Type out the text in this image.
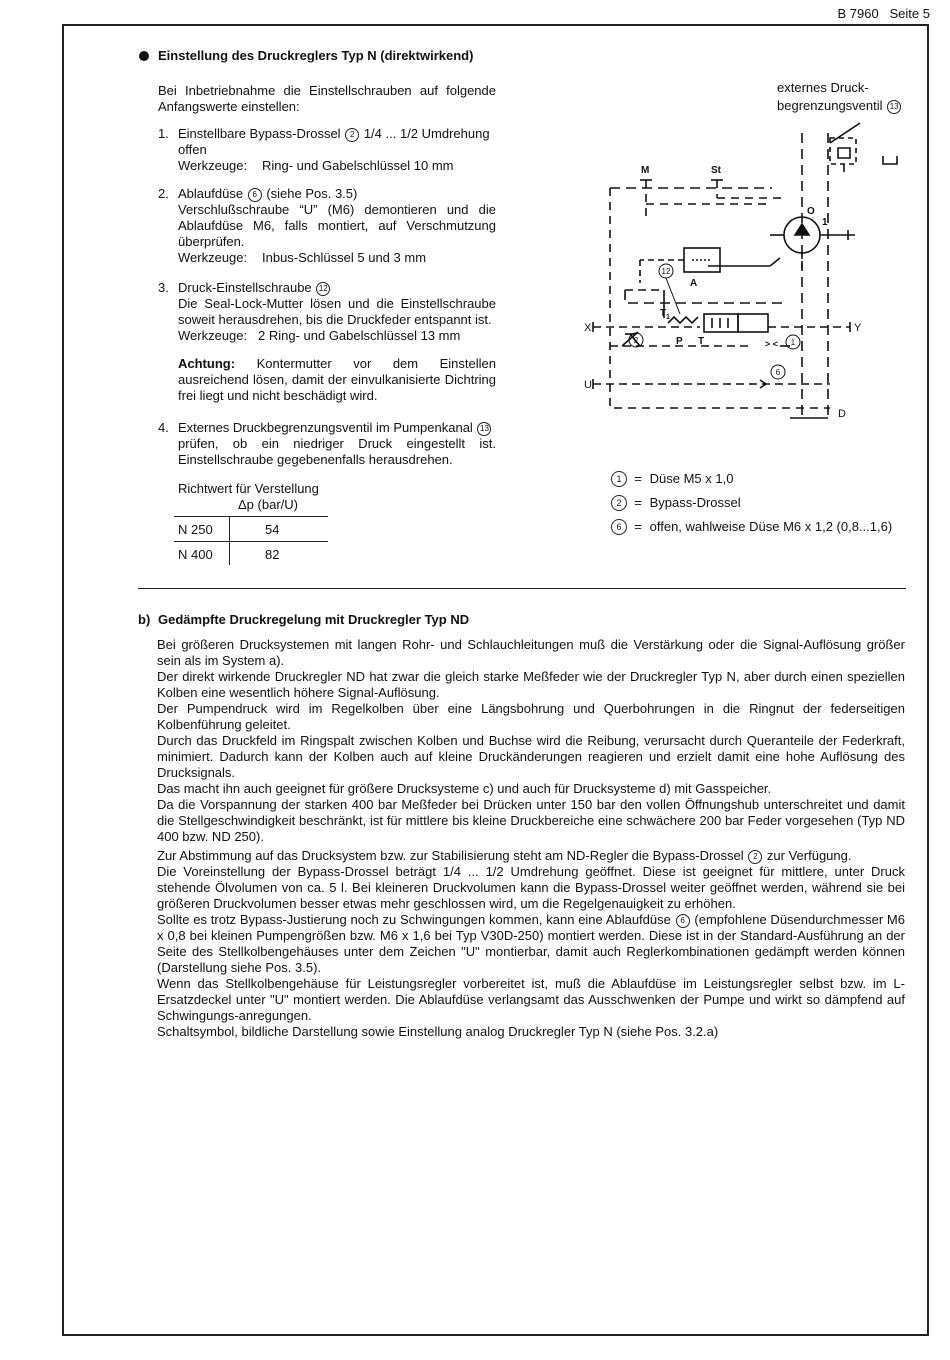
B 7960 Seite 5
Einstellung des Druckreglers Typ N (direktwirkend)
Bei Inbetriebnahme die Einstellschrauben auf folgende Anfangswerte einstellen:
1. Einstellbare Bypass-Drossel 2 1/4 ... 1/2 Umdrehung
offen
Werkzeuge: Ring- und Gabelschlüssel 10 mm
2. Ablaufdüse 6 (siehe Pos. 3.5)
Verschlußschraube “U” (M6) demontieren und die Ablaufdüse M6, falls montiert, auf Verschmutzung überprüfen.
Werkzeuge: Inbus-Schlüssel 5 und 3 mm
3. Druck-Einstellschraube 12
Die Seal-Lock-Mutter lösen und die Einstellschraube soweit herausdrehen, bis die Druckfeder entspannt ist.
Werkzeuge: 2 Ring- und Gabelschlüssel 13 mm
Achtung: Kontermutter vor dem Einstellen ausreichend lösen, damit der einvulkanisierte Dichtring frei liegt und nicht beschädigt wird.
4. Externes Druckbegrenzungsventil im Pumpenkanal 13
prüfen, ob ein niedriger Druck eingestellt ist. Einstellschraube gegebenenfalls herausdrehen.
Richtwert für Verstellung
Δp (bar/U)
N 250	54
N 400	82
externes Druck-
begrenzungsventil 13
M	St
O
1
A
T 1
P T	> <
X	Y
U
D
12
2	1
6
1 = Düse M5 x 1,0
2 = Bypass-Drossel
6 = offen, wahlweise Düse M6 x 1,2 (0,8...1,6)
b) Gedämpfte Druckregelung mit Druckregler Typ ND
Bei größeren Drucksystemen mit langen Rohr- und Schlauchleitungen muß die Verstärkung oder die Signal-Auflösung größer sein als im System a).
Der direkt wirkende Druckregler ND hat zwar die gleich starke Meßfeder wie der Druckregler Typ N, aber durch einen speziellen Kolben eine wesentlich höhere Signal-Auflösung.
Der Pumpendruck wird im Regelkolben über eine Längsbohrung und Querbohrungen in die Ringnut der federseitigen Kolbenführung geleitet.
Durch das Druckfeld im Ringspalt zwischen Kolben und Buchse wird die Reibung, verursacht durch Queranteile der Federkraft, minimiert. Dadurch kann der Kolben auch auf kleine Druckänderungen reagieren und erzielt damit eine hohe Auflösung des Drucksignals.
Das macht ihn auch geeignet für größere Drucksysteme c) und auch für Drucksysteme d) mit Gasspeicher.
Da die Vorspannung der starken 400 bar Meßfeder bei Drücken unter 150 bar den vollen Öffnungshub unterschreitet und damit die Stellgeschwindigkeit beschränkt, ist für mittlere bis kleine Druckbereiche eine schwächere 200 bar Feder vorgesehen (Typ ND 400 bzw. ND 250).
Zur Abstimmung auf das Drucksystem bzw. zur Stabilisierung steht am ND-Regler die Bypass-Drossel 2 zur Verfügung.
Die Voreinstellung der Bypass-Drossel beträgt 1/4 ... 1/2 Umdrehung geöffnet. Diese ist geeignet für mittlere, unter Druck stehende Ölvolumen von ca. 5 l. Bei kleineren Druckvolumen kann die Bypass-Drossel weiter geöffnet werden, während sie bei größeren Druckvolumen besser etwas mehr geschlossen wird, um die Regelgenauigkeit zu erhöhen.
Sollte es trotz Bypass-Justierung noch zu Schwingungen kommen, kann eine Ablaufdüse 6 (empfohlene Düsendurchmesser M6 x 0,8 bei kleinen Pumpengrößen bzw. M6 x 1,6 bei Typ V30D-250) montiert werden. Diese ist in der Standard-Ausführung an der Seite des Stellkolbengehäuses unter dem Zeichen "U" montierbar, damit auch Reglerkombinationen gedämpft werden können (Darstellung siehe Pos. 3.5).
Wenn das Stellkolbengehäuse für Leistungsregler vorbereitet ist, muß die Ablaufdüse im Leistungsregler selbst bzw. im L-Ersatzdeckel unter "U" montiert werden. Die Ablaufdüse verlangsamt das Ausschwenken der Pumpe und wirkt so dämpfend auf Schwingungs-anregungen.
Schaltsymbol, bildliche Darstellung sowie Einstellung analog Druckregler Typ N (siehe Pos. 3.2.a)
